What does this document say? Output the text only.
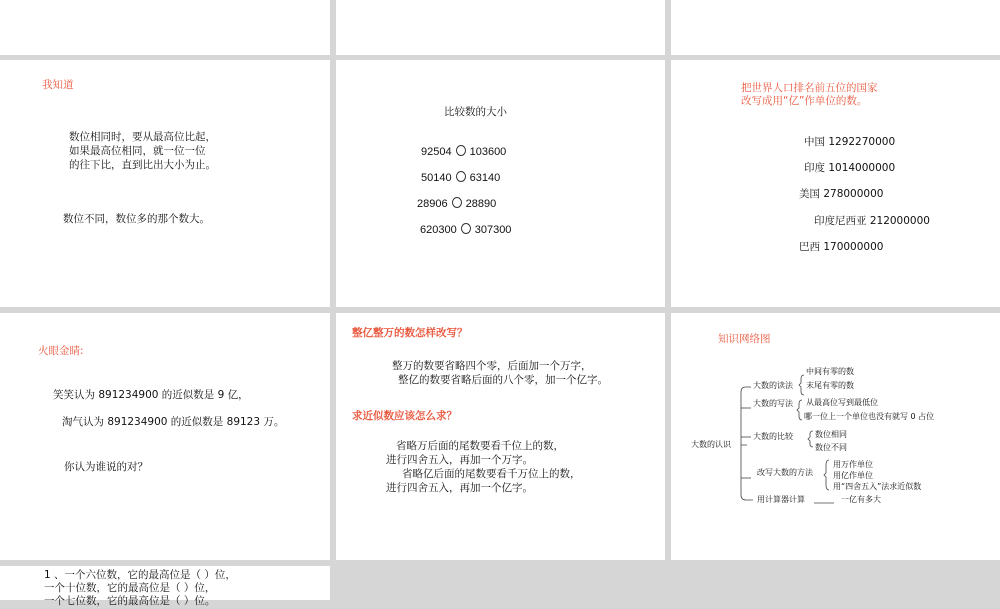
我知道
数位相同时，要从最高位比起，
如果最高位相同，就一位一位
的往下比，直到比出大小为止。
数位不同，数位多的那个数大。
比较数的大小
92504 103600
50140 63140
28906 28890
620300 307300
把世界人口排名前五位的国家
改写成用“亿”作单位的数。
中国 1292270000
印度 1014000000
美国 278000000
印度尼西亚 212000000
巴西 170000000
火眼金睛:
笑笑认为 891234900 的近似数是 9 亿，
淘气认为 891234900 的近似数是 89123 万。
你认为谁说的对？
整亿整万的数怎样改写？
整万的数要省略四个零，后面加一个万字，
整亿的数要省略后面的八个零，加一个亿字。
求近似数应该怎么求？
省略万后面的尾数要看千位上的数，
进行四舍五入，再加一个万字。
省略亿后面的尾数要看千万位上的数，
进行四舍五入，再加一个亿字。
知识网络图
大数的认识
大数的读法
中间有零的数
末尾有零的数
大数的写法 从最高位写到最低位
哪一位上一个单位也没有就写 0 占位
大数的比较	数位相同
数位不同
改写大数的方法
用万作单位
用亿作单位
用“四舍五入”法求近似数
用计算器计算	一亿有多大
1 、一个六位数，它的最高位是（ ）位，
一个十位数，它的最高位是（ ）位，
一个七位数，它的最高位是（ ）位。
